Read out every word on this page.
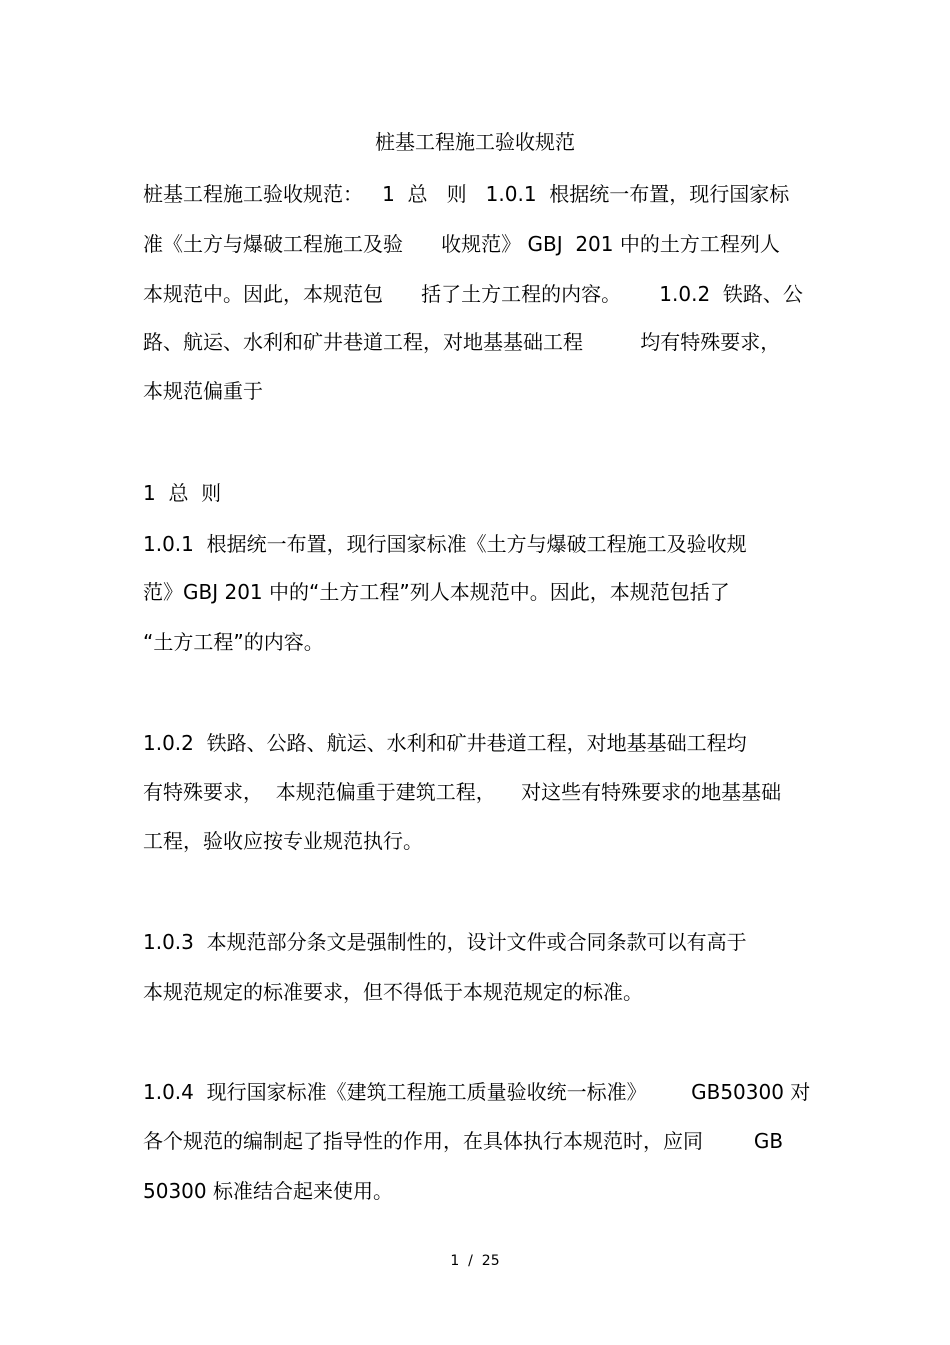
桩基工程施工验收规范
桩基工程施工验收规范：   1  总   则   1.0.1  根据统一布置，现行国家标
准《土方与爆破工程施工及验      收规范》 GBJ  201 中的土方工程列人
本规范中。因此，本规范包      括了土方工程的内容。      1.0.2  铁路、公
路、航运、水利和矿井巷道工程，对地基基础工程         均有特殊要求，
本规范偏重于
1  总  则
1.0.1  根据统一布置，现行国家标准《土方与爆破工程施工及验收规
范》GBJ 201 中的“土方工程”列人本规范中。因此，本规范包括了
“土方工程”的内容。
1.0.2  铁路、公路、航运、水利和矿井巷道工程，对地基基础工程均
有特殊要求，  本规范偏重于建筑工程，    对这些有特殊要求的地基基础
工程，验收应按专业规范执行。
1.0.3  本规范部分条文是强制性的，设计文件或合同条款可以有高于
本规范规定的标准要求，但不得低于本规范规定的标准。
1.0.4  现行国家标准《建筑工程施工质量验收统一标准》       GB50300 对
各个规范的编制起了指导性的作用，在具体执行本规范时，应同        GB
50300 标准结合起来使用。
1  /  25
